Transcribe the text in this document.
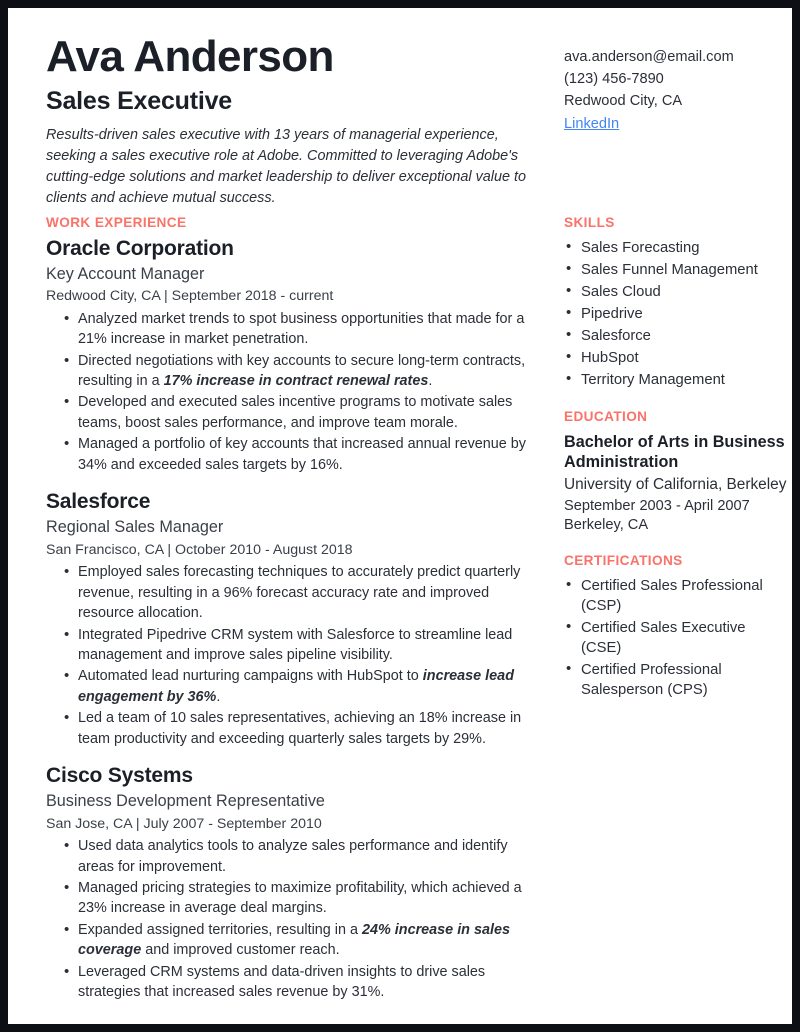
Ava Anderson
Sales Executive

Results-driven sales executive with 13 years of managerial experience, seeking a sales executive role at Adobe. Committed to leveraging Adobe's cutting-edge solutions and market leadership to deliver exceptional value to clients and achieve mutual success.

ava.anderson@email.com
(123) 456-7890
Redwood City, CA
LinkedIn
WORK EXPERIENCE
Oracle Corporation
Key Account Manager
Redwood City, CA | September 2018 - current
• Analyzed market trends to spot business opportunities that made for a 21% increase in market penetration.
• Directed negotiations with key accounts to secure long-term contracts, resulting in a 17% increase in contract renewal rates.
• Developed and executed sales incentive programs to motivate sales teams, boost sales performance, and improve team morale.
• Managed a portfolio of key accounts that increased annual revenue by 34% and exceeded sales targets by 16%.
Salesforce
Regional Sales Manager
San Francisco, CA | October 2010 - August 2018
• Employed sales forecasting techniques to accurately predict quarterly revenue, resulting in a 96% forecast accuracy rate and improved resource allocation.
• Integrated Pipedrive CRM system with Salesforce to streamline lead management and improve sales pipeline visibility.
• Automated lead nurturing campaigns with HubSpot to increase lead engagement by 36%.
• Led a team of 10 sales representatives, achieving an 18% increase in team productivity and exceeding quarterly sales targets by 29%.
Cisco Systems
Business Development Representative
San Jose, CA | July 2007 - September 2010
• Used data analytics tools to analyze sales performance and identify areas for improvement.
• Managed pricing strategies to maximize profitability, which achieved a 23% increase in average deal margins.
• Expanded assigned territories, resulting in a 24% increase in sales coverage and improved customer reach.
• Leveraged CRM systems and data-driven insights to drive sales strategies that increased sales revenue by 31%.
SKILLS
• Sales Forecasting
• Sales Funnel Management
• Sales Cloud
• Pipedrive
• Salesforce
• HubSpot
• Territory Management
EDUCATION
Bachelor of Arts in Business Administration
University of California, Berkeley
September 2003 - April 2007
Berkeley, CA
CERTIFICATIONS
• Certified Sales Professional (CSP)
• Certified Sales Executive (CSE)
• Certified Professional Salesperson (CPS)
